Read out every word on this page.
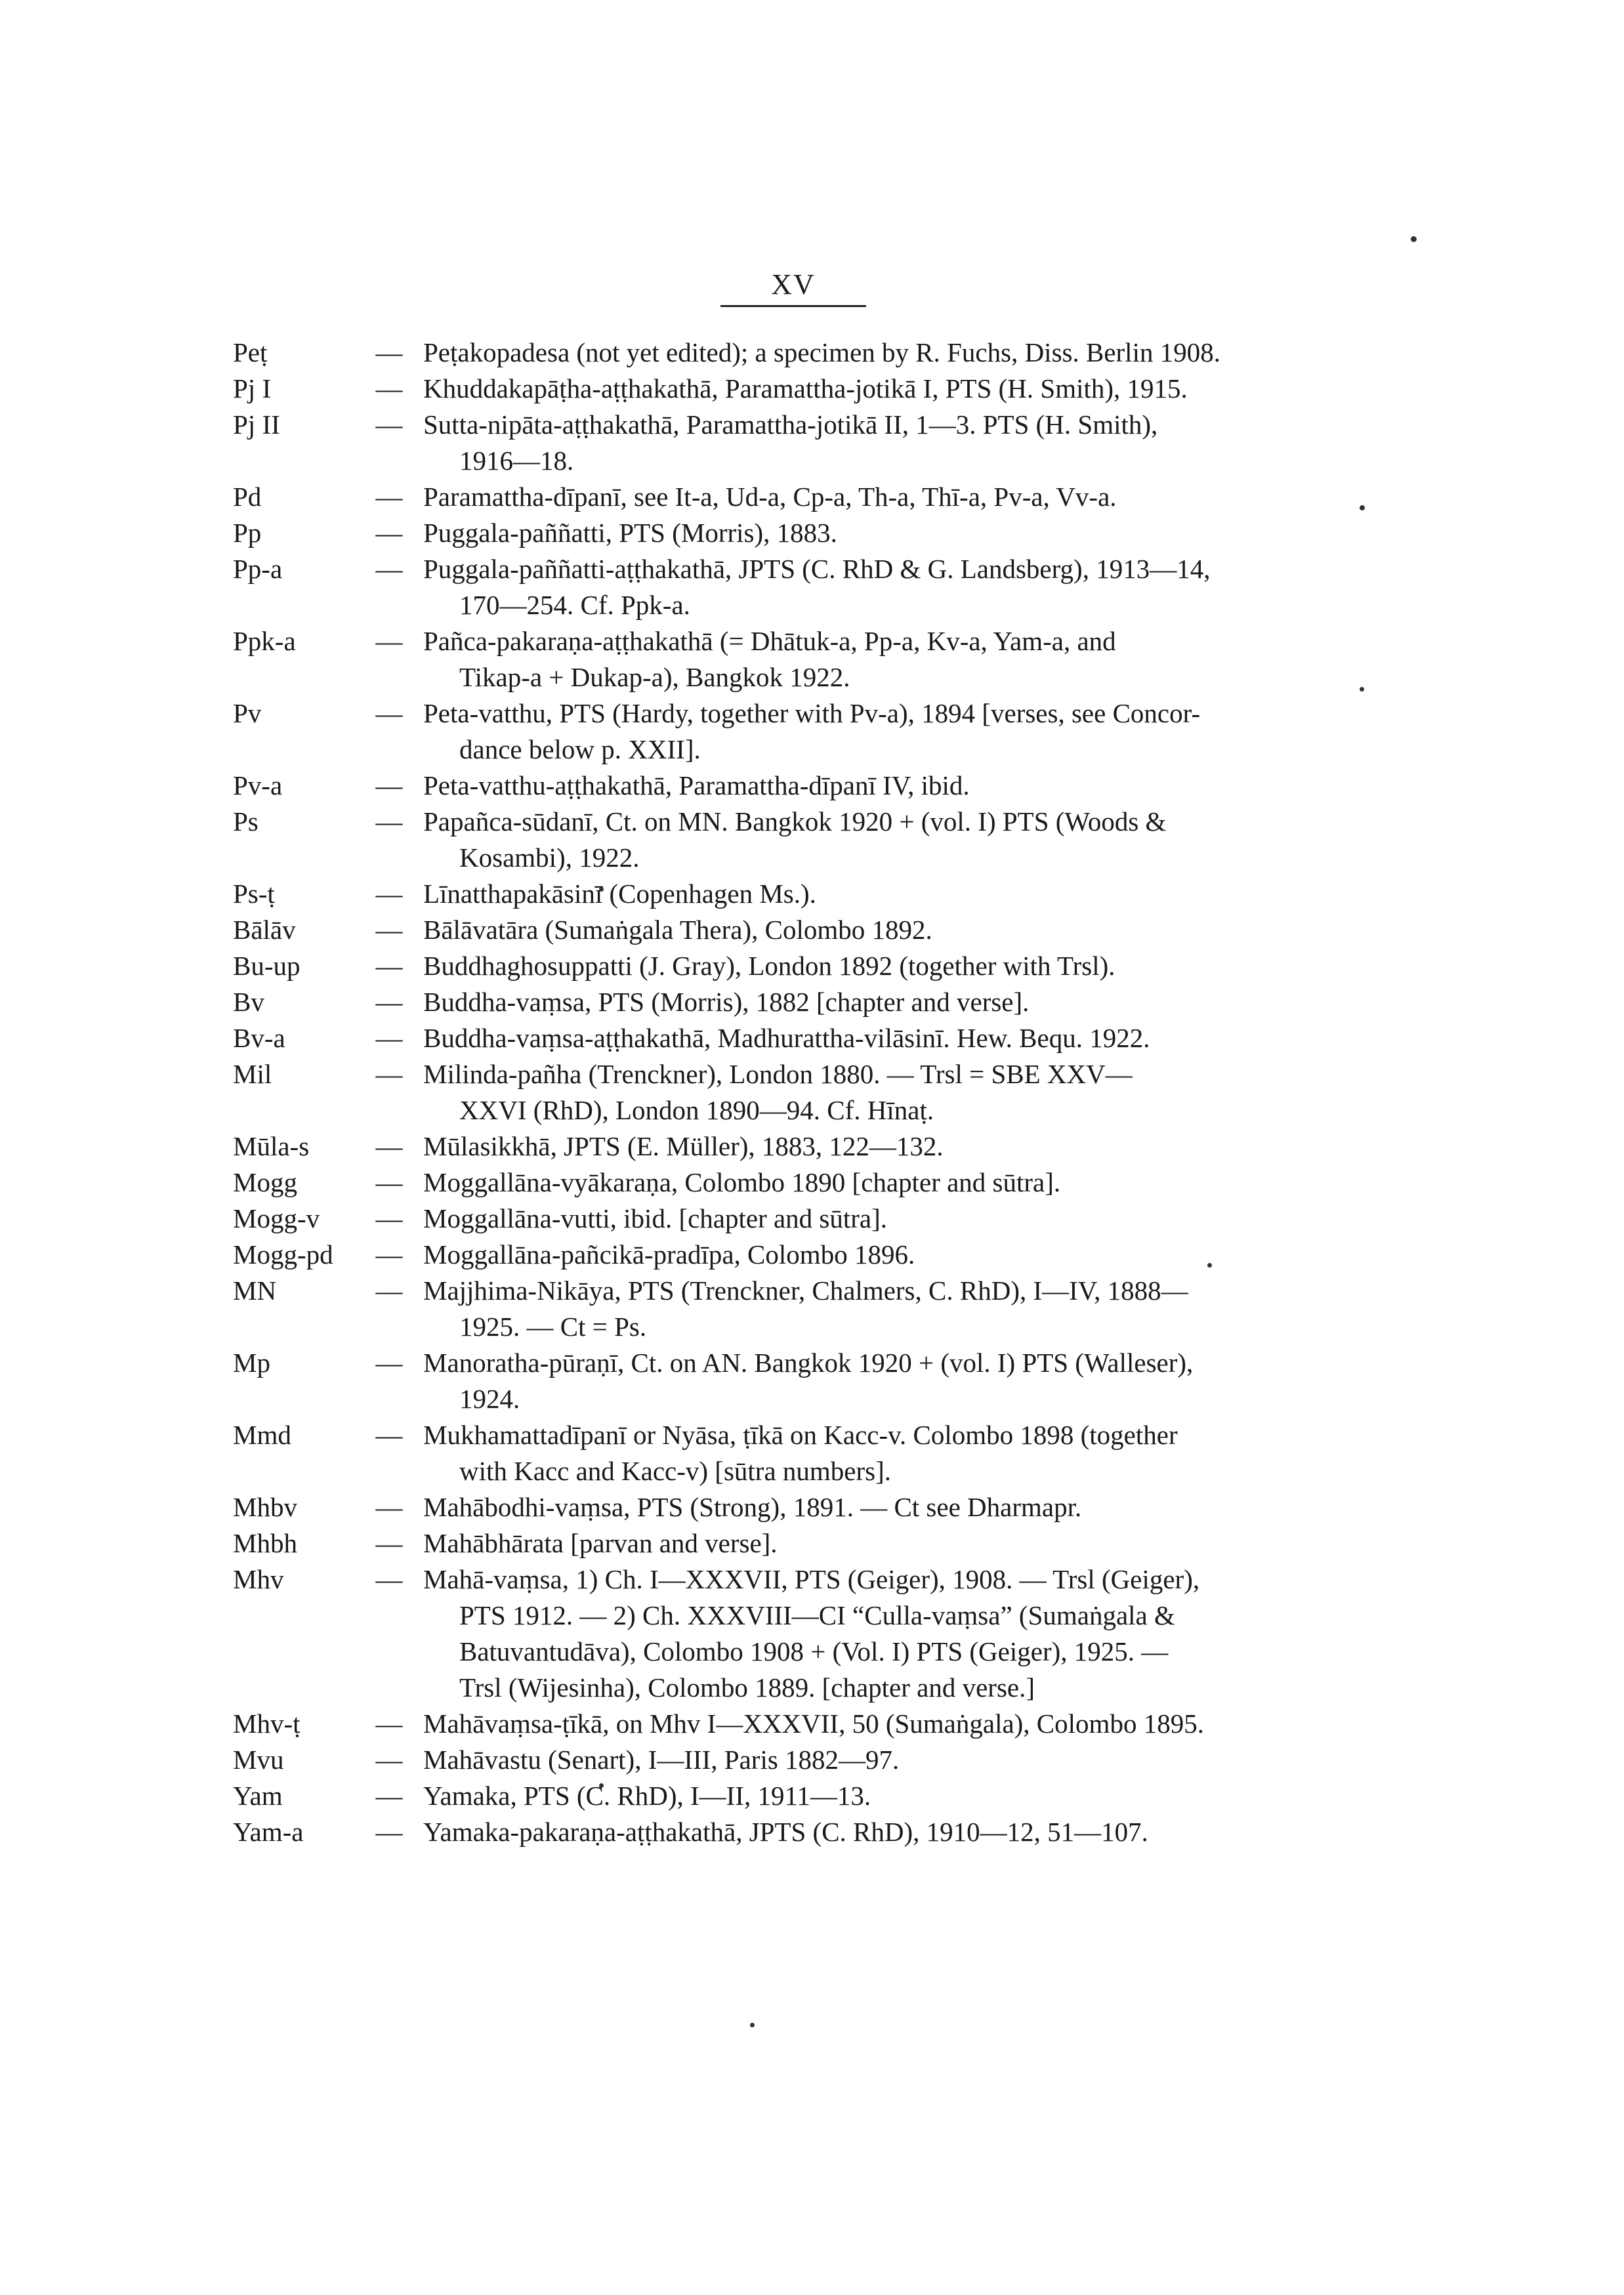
XV
Peṭ	— Peṭakopadesa (not yet edited); a specimen by R. Fuchs, Diss. Berlin 1908.
Pj I	— Khuddakapāṭha-aṭṭhakathā, Paramattha-jotikā I, PTS (H. Smith), 1915.
Pj II	— Sutta-nipāta-aṭṭhakathā, Paramattha-jotikā II, 1—3. PTS (H. Smith),
1916—18.
Pd	— Paramattha-dīpanī, see It-a, Ud-a, Cp-a, Th-a, Thī-a, Pv-a, Vv-a.
Pp	— Puggala-paññatti, PTS (Morris), 1883.
Pp-a	— Puggala-paññatti-aṭṭhakathā, JPTS (C. RhD & G. Landsberg), 1913—14,
170—254. Cf. Ppk-a.
Ppk-a	— Pañca-pakaraṇa-aṭṭhakathā (= Dhātuk-a, Pp-a, Kv-a, Yam-a, and
Tikap-a + Dukap-a), Bangkok 1922.
Pv	— Peta-vatthu, PTS (Hardy, together with Pv-a), 1894 [verses, see Concor-
dance below p. XXII].
Pv-a	— Peta-vatthu-aṭṭhakathā, Paramattha-dīpanī IV, ibid.
Ps	— Papañca-sūdanī, Ct. on MN. Bangkok 1920 + (vol. I) PTS (Woods &
Kosambi), 1922.
Ps-ṭ	— Līnatthapakāsinī (Copenhagen Ms.).
Bālāv	— Bālāvatāra (Sumaṅgala Thera), Colombo 1892.
Bu-up	— Buddhaghosuppatti (J. Gray), London 1892 (together with Trsl).
Bv	— Buddha-vaṃsa, PTS (Morris), 1882 [chapter and verse].
Bv-a	— Buddha-vaṃsa-aṭṭhakathā, Madhurattha-vilāsinī. Hew. Bequ. 1922.
Mil	— Milinda-pañha (Trenckner), London 1880. — Trsl = SBE XXV—
XXVI (RhD), London 1890—94. Cf. Hīnaṭ.
Mūla-s	— Mūlasikkhā, JPTS (E. Müller), 1883, 122—132.
Mogg	— Moggallāna-vyākaraṇa, Colombo 1890 [chapter and sūtra].
Mogg-v	— Moggallāna-vutti, ibid. [chapter and sūtra].
Mogg-pd	— Moggallāna-pañcikā-pradīpa, Colombo 1896.
MN	— Majjhima-Nikāya, PTS (Trenckner, Chalmers, C. RhD), I—IV, 1888—
1925. — Ct = Ps.
Mp	— Manoratha-pūraṇī, Ct. on AN. Bangkok 1920 + (vol. I) PTS (Walleser),
1924.
Mmd	— Mukhamattadīpanī or Nyāsa, ṭīkā on Kacc-v. Colombo 1898 (together
with Kacc and Kacc-v) [sūtra numbers].
Mhbv	— Mahābodhi-vaṃsa, PTS (Strong), 1891. — Ct see Dharmapr.
Mhbh	— Mahābhārata [parvan and verse].
Mhv	— Mahā-vaṃsa, 1) Ch. I—XXXVII, PTS (Geiger), 1908. — Trsl (Geiger),
PTS 1912. — 2) Ch. XXXVIII—CI “Culla-vaṃsa” (Sumaṅgala &
Batuvantudāva), Colombo 1908 + (Vol. I) PTS (Geiger), 1925. —
Trsl (Wijesinha), Colombo 1889. [chapter and verse.]
Mhv-ṭ	— Mahāvaṃsa-ṭīkā, on Mhv I—XXXVII, 50 (Sumaṅgala), Colombo 1895.
Mvu	— Mahāvastu (Senart), I—III, Paris 1882—97.
Yam	— Yamaka, PTS (C. RhD), I—II, 1911—13.
Yam-a	— Yamaka-pakaraṇa-aṭṭhakathā, JPTS (C. RhD), 1910—12, 51—107.
